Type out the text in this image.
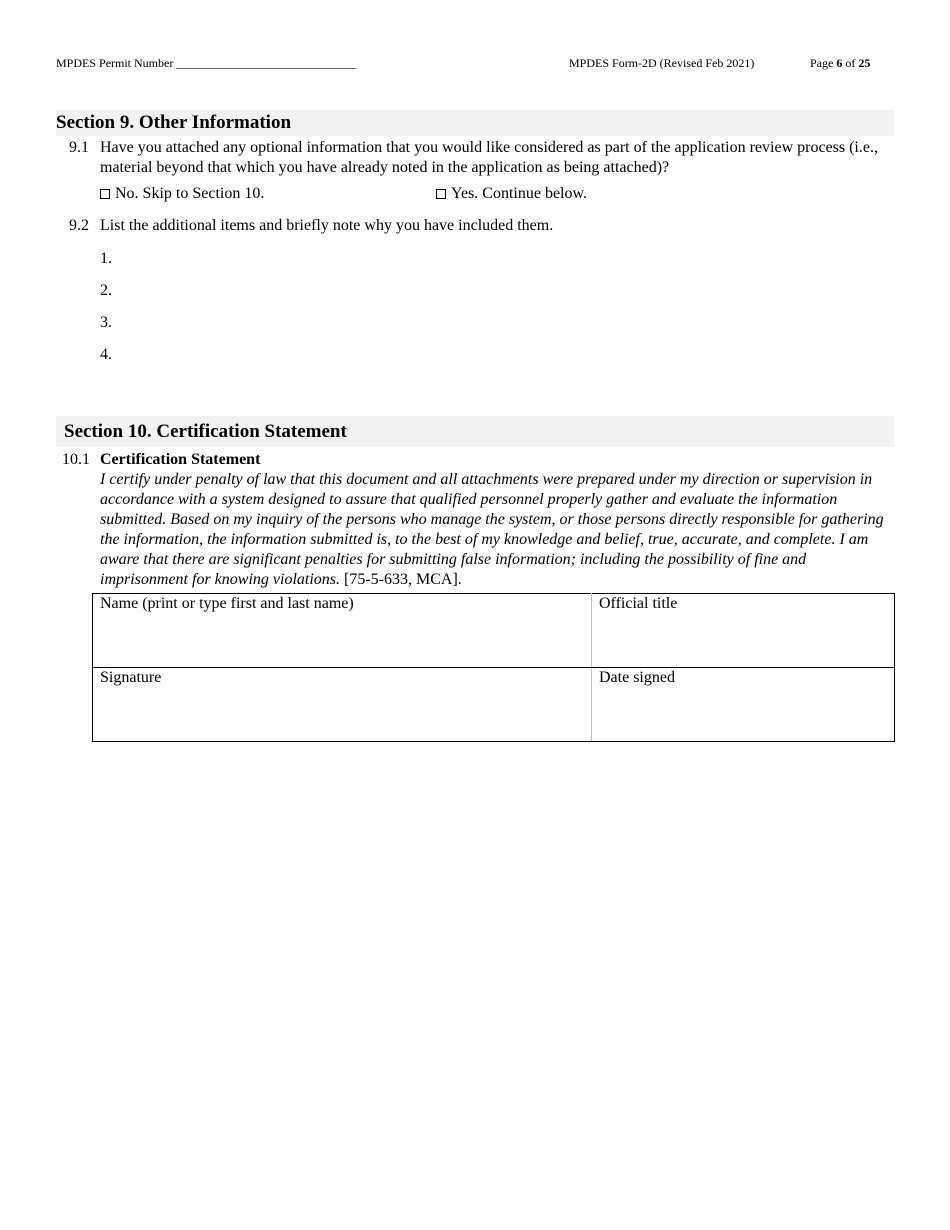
MPDES Permit Number ______________________________	MPDES Form-2D (Revised Feb 2021)	Page 6 of 25
Section 9. Other Information
9.1 Have you attached any optional information that you would like considered as part of the application review process (i.e., material beyond that which you have already noted in the application as being attached)?
No. Skip to Section 10.	Yes. Continue below.
9.2 List the additional items and briefly note why you have included them.
1.
2.
3.
4.
Section 10. Certification Statement
10.1 Certification Statement
I certify under penalty of law that this document and all attachments were prepared under my direction or supervision in accordance with a system designed to assure that qualified personnel properly gather and evaluate the information submitted. Based on my inquiry of the persons who manage the system, or those persons directly responsible for gathering the information, the information submitted is, to the best of my knowledge and belief, true, accurate, and complete. I am aware that there are significant penalties for submitting false information; including the possibility of fine and imprisonment for knowing violations. [75-5-633, MCA].
Name (print or type first and last name)	Official title
Signature	Date signed
